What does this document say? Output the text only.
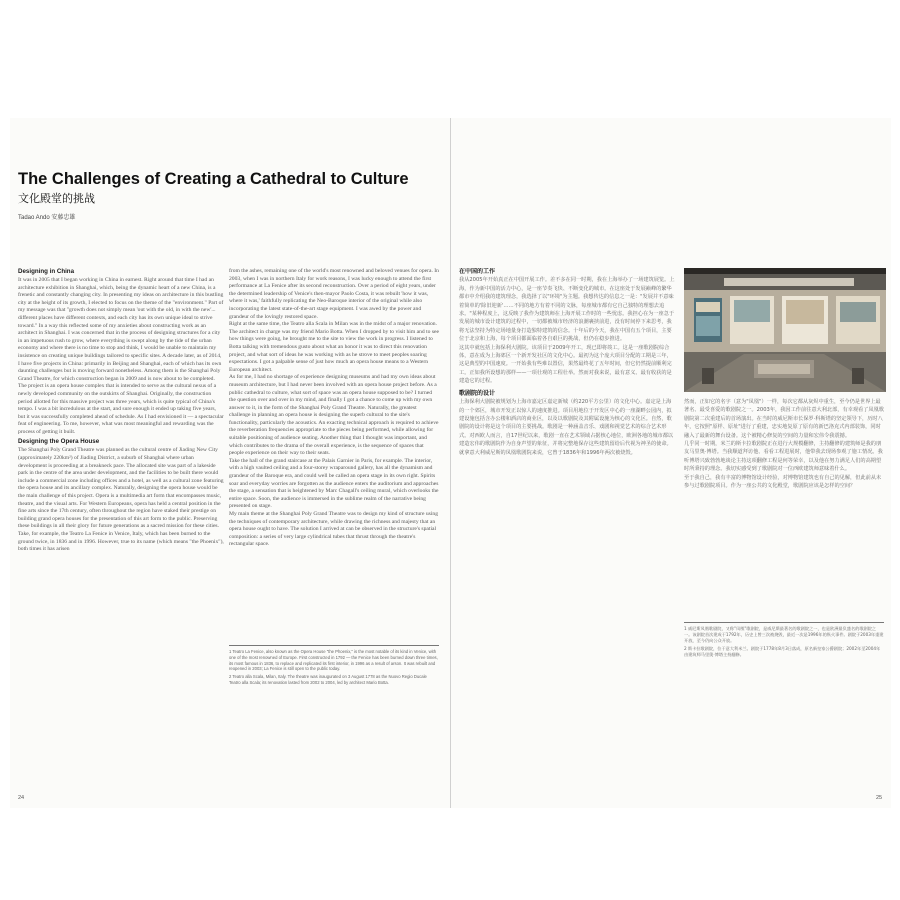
The Challenges of Creating a Cathedral to Culture
文化殿堂的挑战
Tadao Ando 安藤忠雄
Designing in China

It was in 2005 that I began working in China in earnest. Right around that time I had an architecture exhibition in Shanghai, which, being the dynamic heart of a new China, is a frenetic and constantly changing city. In presenting my ideas on architecture in this bustling city at the height of its growth, I elected to focus on the theme of the "environment." Part of my message was that "growth does not simply mean 'out with the old, in with the new'... different places have different contexts, and each city has its own unique ideal to strive toward." In a way this reflected some of my anxieties about constructing work as an architect in Shanghai. I was concerned that in the process of designing structures for a city in an impetuous rush to grow, where everything is swept along by the tide of the urban economy and where there is no time to stop and think, I would be unable to maintain my insistence on creating unique buildings tailored to specific sites. A decade later, as of 2014, I have five projects in China: primarily in Beijing and Shanghai, each of which has its own daunting challenges but is moving forward nonetheless. Among them is the Shanghai Poly Grand Theatre, for which construction began in 2009 and is now about to be completed. The project is an opera house complex that is intended to serve as the cultural nexus of a newly developed community on the outskirts of Shanghai. Originally, the construction period allotted for this massive project was three years, which is quite typical of China's tempo. I was a bit incredulous at the start, and sure enough it ended up taking five years, but it was successfully completed ahead of schedule. As I had envisioned it — a spectacular feat of engineering. To me, however, what was most meaningful and rewarding was the process of getting it built.

Designing the Opera House

The Shanghai Poly Grand Theatre was planned as the cultural centre of Jiading New City (approximately 220km²) of Jiading District, a suburb of Shanghai where urban development is proceeding at a breakneck pace. The allocated site was part of a lakeside park in the centre of the area under development, and the facilities to be built there would include a commercial zone including offices and a hotel, as well as a cultural zone featuring the opera house and its ancillary complex. Naturally, designing the opera house would be the main challenge of this project. Opera is a multimedia art form that encompasses music, theatre, and the visual arts. For Western Europeans, opera has held a central position in the fine arts since the 17th century, often throughout the region have staked their prestige on building grand opera houses for the presentation of this art form to the public. Preserving these buildings in all their glory for future generations as a sacred mission for these cities. Take, for example, the Teatro La Fenice in Venice, Italy, which has been burned to the ground twice, in 1836 and in 1996. However, true to its name (which means "the Phoenix"), both times it has arisen

from the ashes, remaining one of the world's most renowned and beloved venues for opera. In 2003, when I was in northern Italy for work reasons, I was lucky enough to attend the first performance at La Fenice after its second reconstruction. Over a period of eight years, under the determined leadership of Venice's then-mayor Paolo Costa, it was rebuilt 'how it was, where it was,' faithfully replicating the Neo-Baroque interior of the original while also incorporating the latest state-of-the-art stage equipment. I was awed by the power and grandeur of the lovingly restored space.

Right at the same time, the Teatro alla Scala in Milan was in the midst of a major renovation. The architect in charge was my friend Mario Botta. When I dropped by to visit him and to see how things were going, he brought me to the site to view the work in progress. I listened to Botta talking with tremendous gusto about what an honor it was to direct this renovation project, and what sort of ideas he was working with as he strove to meet peoples soaring expectations. I got a palpable sense of just how much an opera house means to a Western European architect.

As for me, I had no shortage of experience designing museums and had my own ideas about museum architecture, but I had never been involved with an opera house project before. As a public cathedral to culture, what sort of space was an opera house supposed to be? I turned the question over and over in my mind, and finally I got a chance to come up with my own answer to it, in the form of the Shanghai Poly Grand Theatre. Naturally, the greatest challenge in planning an opera house is designing the superb cultural to the site's functionality, particularly the acoustics. An exacting technical approach is required to achieve the reverberation frequencies appropriate to the pieces being performed, while allowing for suitable positioning of audience seating. Another thing that I thought was important, and which contributes to the drama of the overall experience, is the sequence of spaces that people experience on their way to their seats.

Take the hall of the grand staircase at the Palais Garnier in Paris, for example. The interior, with a high vaulted ceiling and a four-storey wraparound gallery, has all the dynamism and grandeur of the Baroque era, and could well be called an opera stage in its own right. Spirits soar and everyday worries are forgotten as the audience enters the auditorium and approaches the stage, a sensation that is heightened by Marc Chagall's ceiling mural, which overlooks the entire space. Soon, the audience is immersed in the sublime realm of the narrative being presented on stage.

My main theme at the Shanghai Poly Grand Theatre was to design my kind of structure using the techniques of contemporary architecture, while drawing the richness and majesty that an opera house ought to have. The solution I arrived at can be observed in the structure's spatial composition: a series of very large cylindrical tubes that thrust through the theatre's rectangular space.

1 Teatro La Fenice, also known as the Opera House "the Phoenix," is the most notable of its kind in Venice, with one of the most renowned of Europe. First constructed in 1792 — the Fenice has been burned down three times, its most famous in 1836, to replace and replicated its first interior, in 1996 as a result of arson. It was rebuilt and reopened in 2003; La Fenice is still open to the public today.

2 Teatro alla Scala, Milan, Italy. The theatre was inaugurated on 3 August 1778 as the Nuovo Regio Ducale Teatro alla Scala; its renovation lasted from 2002 to 2004, led by architect Mario Botta.

在中国的工作

我从2005年开始真正在中国开展工作。差不多在同一时期，我在上海举办了一场建筑展览。上海，作为新中国的活力中心，是一座节奏飞快、不断变化的城市。在这座处于发展巅峰的繁华都市中介绍我的建筑理念，我选择了以"环境"为主题。我想传达的信息之一是："发展并不意味着简单的'除旧迎新'……不同的地方有着不同的文脉，每座城市都有它自己独特的理想去追求。"某种程度上，这反映了我作为建筑师在上海开展工作时的一些忧虑。我担心在为一座急于发展的城市设计建筑的过程中，一切都被城市经济的浪潮裹挟前进，没有时间停下来思考，我将无法坚持为特定场地量身打造独特建筑的信念。十年后的今天，我在中国有五个项目，主要位于北京和上海，每个项目都面临着各自艰巨的挑战，但仍在稳步推进。

这其中就包括上海保利大剧院。该项目于2009年开工，现已即将竣工。这是一座歌剧院综合体，意在成为上海郊区一个新开发社区的文化中心。最初为这个庞大项目分配的工期是三年，这是典型的中国速度。一开始我有些难以置信，果然最终花了五年时间，但它仍然提前顺利完工。正如我所设想的那样——一项壮观的工程壮举。然而对我来说，最有意义、最有收获的是建造它的过程。

歌剧院的设计

上海保利大剧院被规划为上海市嘉定区嘉定新城（约220平方公里）的文化中心。嘉定是上海的一个郊区，城市开发正以惊人的速度推进。项目用地位于开发区中心的一座湖畔公园内，拟建设施包括含办公楼和酒店的商业区，以及以歌剧院及其附属设施为核心的文化区。自然，歌剧院的设计将是这个项目的主要挑战。歌剧是一种涵盖音乐、戏剧和视觉艺术的综合艺术形式。对西欧人而言，自17世纪以来，歌剧一直在艺术领域占据核心地位，欧洲各地的城市都以建造宏伟的歌剧院作为自身声望的象征，并将完整地保存这些建筑留给后代视为神圣的使命。

就拿意大利威尼斯的凤凰歌剧院来说，它曾于1836年和1996年两次被烧毁。

然而，正如它的名字（意为"凤凰"）一样，每次它都从灰烬中重生，至今仍是世界上最著名、最受喜爱的歌剧院之一。2003年，我因工作前往意大利北部，有幸观看了凤凰歌剧院第二次重建后的首场演出。在当时的威尼斯市长保罗·科斯塔的坚定领导下，历时八年，它按照"原样、原址"进行了重建，忠实地复原了原有的新巴洛克式内部装饰，同时融入了最新的舞台设备。这个被精心修复的空间的力量和宏伟令我震撼。

几乎同一时期，米兰的斯卡拉歌剧院正在进行大规模翻修，主持翻修的建筑师是我的朋友马里奥·博塔。当我顺道拜访他、看看工程进展时，他带我去现场参观了施工情况。我听博塔兴致勃勃地谈论主持这项翻修工程是何等荣幸，以及他在努力满足人们的高期望时所秉持的理念。我切实感受到了歌剧院对一位西欧建筑师意味着什么。

至于我自己，我有丰富的博物馆设计经验，对博物馆建筑也有自己的见解，但此前从未参与过歌剧院项目。作为一座公共的文化殿堂，歌剧院应该是怎样的空间？

1 威尼斯凤凰歌剧院，又称"凤凰"歌剧院，是威尼斯最著名的歌剧院之一，也是欧洲最负盛名的歌剧院之一。该剧院首次建成于1792年，历史上曾三次被烧毁，最近一次是1996年的纵火事件。剧院于2003年重建开放，至今仍向公众开放。

2 斯卡拉歌剧院，位于意大利米兰。剧院于1778年8月3日落成，原名新皇家公爵剧院；2002年至2004年由建筑师马里奥·博塔主持翻修。

24	25
